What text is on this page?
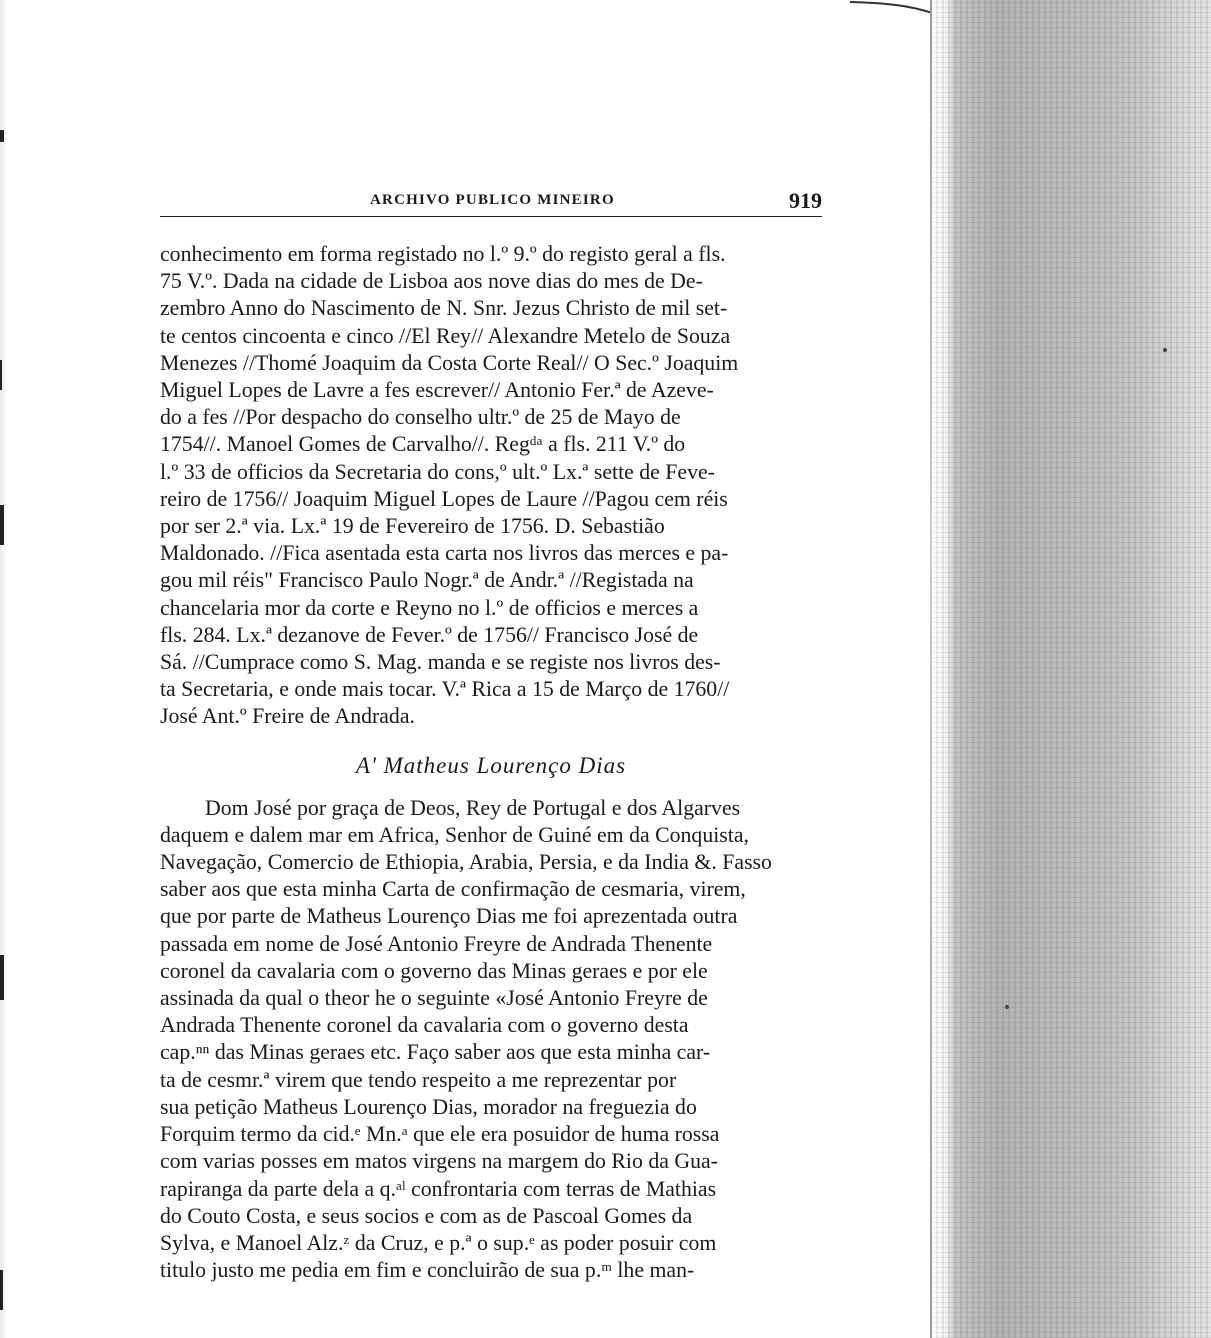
ARCHIVO PUBLICO MINEIRO	919

conhecimento em forma registado no l.º 9.º do registo geral a fls.
75 V.º. Dada na cidade de Lisboa aos nove dias do mes de De-
zembro Anno do Nascimento de N. Snr. Jezus Christo de mil set-
te centos cincoenta e cinco //El Rey// Alexandre Metelo de Souza
Menezes //Thomé Joaquim da Costa Corte Real// O Sec.º Joaquim
Miguel Lopes de Lavre a fes escrever// Antonio Fer.ª de Azeve-
do a fes //Por despacho do conselho ultr.º de 25 de Mayo de
1754//. Manoel Gomes de Carvalho//. Regᵈᵃ a fls. 211 V.º do
l.º 33 de officios da Secretaria do cons,º ult.º Lx.ª sette de Feve-
reiro de 1756// Joaquim Miguel Lopes de Laure //Pagou cem réis
por ser 2.ª via. Lx.ª 19 de Fevereiro de 1756. D. Sebastião
Maldonado. //Fica asentada esta carta nos livros das merces e pa-
gou mil réis" Francisco Paulo Nogr.ª de Andr.ª //Registada na
chancelaria mor da corte e Reyno no l.º de officios e merces a
fls. 284. Lx.ª dezanove de Fever.º de 1756// Francisco José de
Sá. //Cumprace como S. Mag. manda e se registe nos livros des-
ta Secretaria, e onde mais tocar. V.ª Rica a 15 de Março de 1760//
José Ant.º Freire de Andrada.

A' Matheus Lourenço Dias

Dom José por graça de Deos, Rey de Portugal e dos Algarves
daquem e dalem mar em Africa, Senhor de Guiné em da Conquista,
Navegação, Comercio de Ethiopia, Arabia, Persia, e da India &. Fasso
saber aos que esta minha Carta de confirmação de cesmaria, virem,
que por parte de Matheus Lourenço Dias me foi aprezentada outra
passada em nome de José Antonio Freyre de Andrada Thenente
coronel da cavalaria com o governo das Minas geraes e por ele
assinada da qual o theor he o seguinte «José Antonio Freyre de
Andrada Thenente coronel da cavalaria com o governo desta
cap.ⁿⁿ das Minas geraes etc. Faço saber aos que esta minha car-
ta de cesmr.ª virem que tendo respeito a me reprezentar por
sua petição Matheus Lourenço Dias, morador na freguezia do
Forquim termo da cid.ᵉ Mn.ᵃ que ele era posuidor de huma rossa
com varias posses em matos virgens na margem do Rio da Gua-
rapiranga da parte dela a q.ᵃˡ confrontaria com terras de Mathias
do Couto Costa, e seus socios e com as de Pascoal Gomes da
Sylva, e Manoel Alz.ᶻ da Cruz, e p.ª o sup.ᵉ as poder posuir com
titulo justo me pedia em fim e concluirão de sua p.ᵐ lhe man-
